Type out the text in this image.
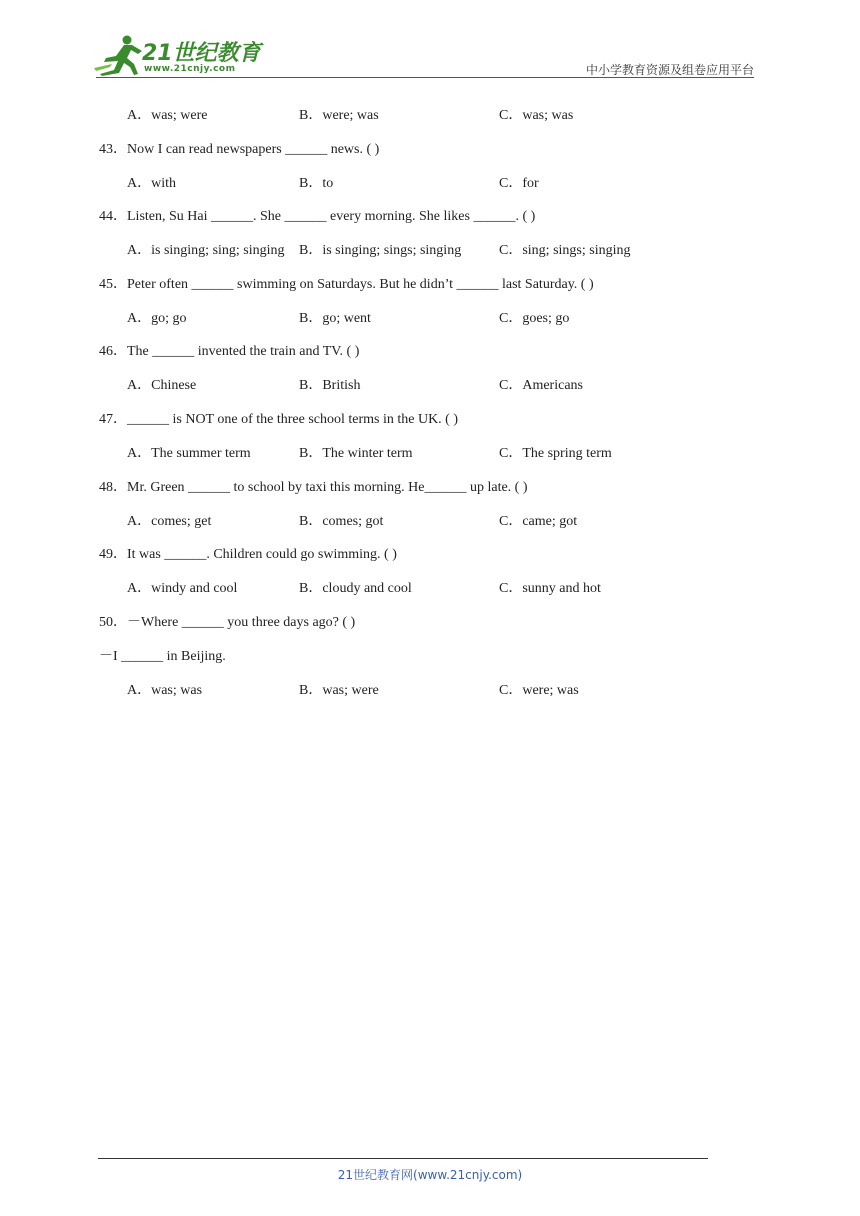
21世纪教育
www.21cnjy.com	中小学教育资源及组卷应用平台
A．was; were	B．were; was	C．was; was
43．Now I can read newspapers ______ news. ( )
A．with	B．to	C．for
44．Listen, Su Hai ______. She ______ every morning. She likes ______. ( )
A．is singing; sing; singing B．is singing; sings; singing	C．sing; sings; singing
45．Peter often ______ swimming on Saturdays. But he didn’t ______ last Saturday. ( )
A．go; go	B．go; went	C．goes; go
46．The ______ invented the train and TV. ( )
A．Chinese	B．British	C．Americans
47．______ is NOT one of the three school terms in the UK. ( )
A．The summer term	B．The winter term	C．The spring term
48．Mr. Green ______ to school by taxi this morning. He______ up late. ( )
A．comes; get	B．comes; got	C．came; got
49．It was ______. Children could go swimming. ( )
A．windy and cool	B．cloudy and cool	C．sunny and hot
50．－Where ______ you three days ago? ( )
－I ______ in Beijing.
A．was; was	B．was; were	C．were; was
21世纪教育网(www.21cnjy.com)
